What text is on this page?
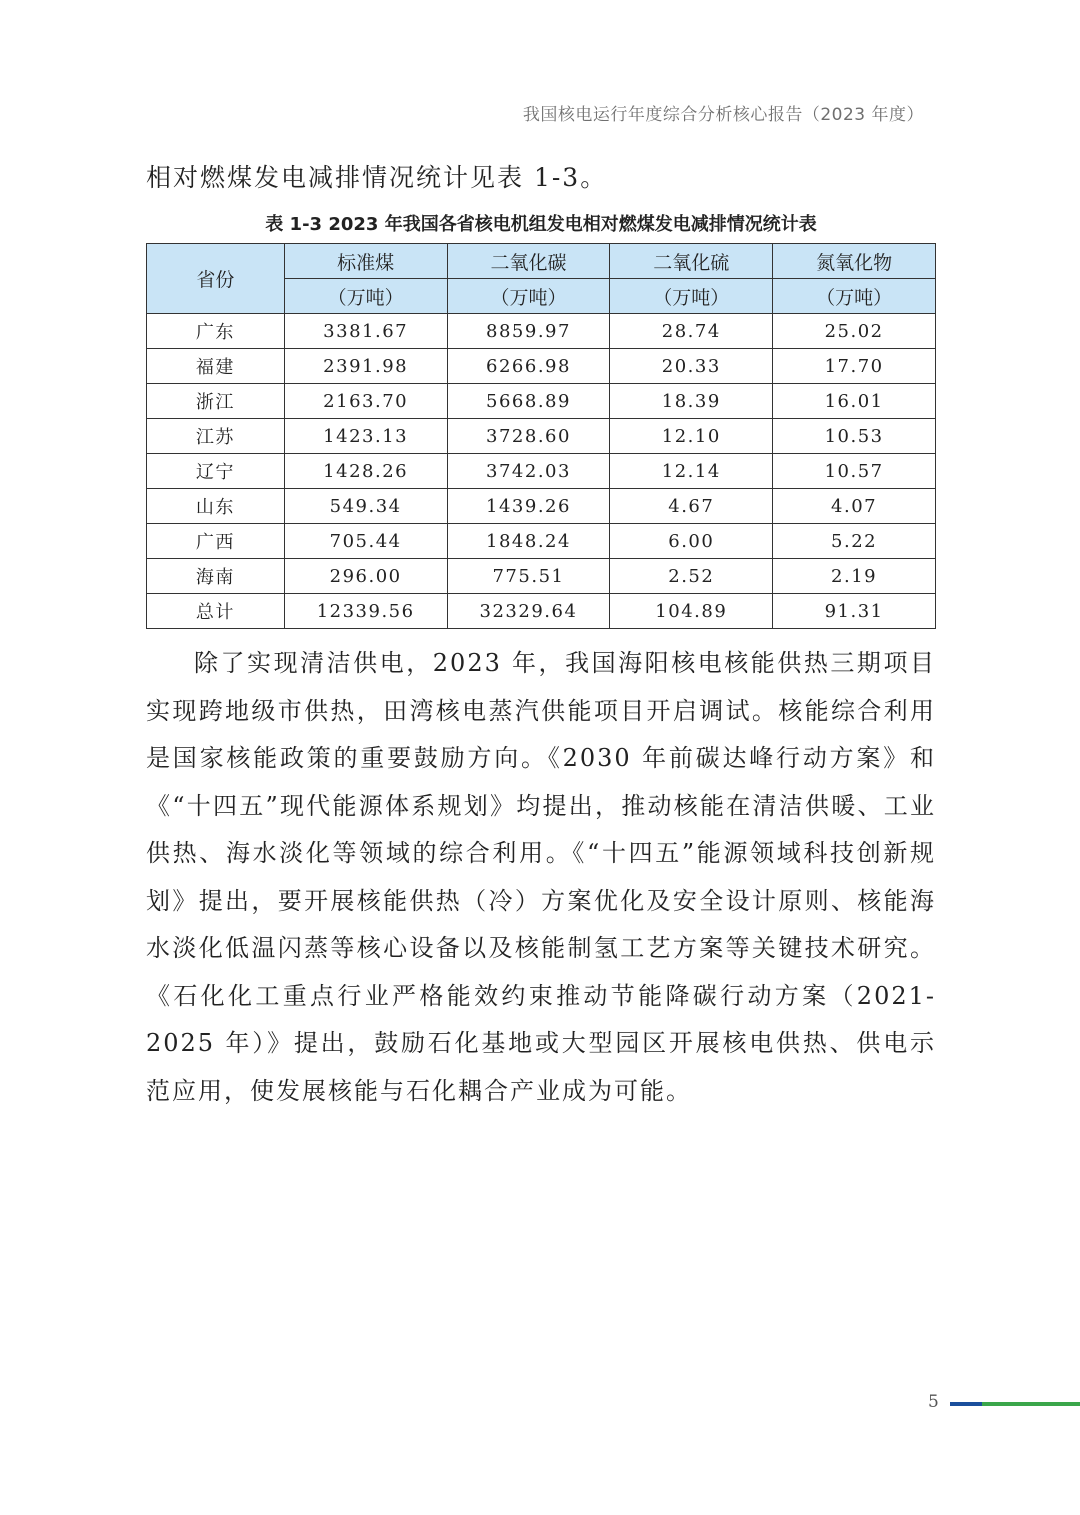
我国核电运行年度综合分析核心报告（2023 年度）
相对燃煤发电减排情况统计见表 1-3。
表 1-3 2023 年我国各省核电机组发电相对燃煤发电减排情况统计表
省份	标准煤	二氧化碳	二氧化硫	氮氧化物
	（万吨）	（万吨）	（万吨）	（万吨）
广东	3381.67	8859.97	28.74	25.02
福建	2391.98	6266.98	20.33	17.70
浙江	2163.70	5668.89	18.39	16.01
江苏	1423.13	3728.60	12.10	10.53
辽宁	1428.26	3742.03	12.14	10.57
山东	549.34	1439.26	4.67	4.07
广西	705.44	1848.24	6.00	5.22
海南	296.00	775.51	2.52	2.19
总计	12339.56	32329.64	104.89	91.31
除了实现清洁供电，2023 年，我国海阳核电核能供热三期项目实现跨地级市供热，田湾核电蒸汽供能项目开启调试。核能综合利用是国家核能政策的重要鼓励方向。《2030 年前碳达峰行动方案》和《“十四五”现代能源体系规划》均提出，推动核能在清洁供暖、工业供热、海水淡化等领域的综合利用。《“十四五”能源领域科技创新规划》提出，要开展核能供热（冷）方案优化及安全设计原则、核能海水淡化低温闪蒸等核心设备以及核能制氢工艺方案等关键技术研究。《石化化工重点行业严格能效约束推动节能降碳行动方案（2021-2025 年）》提出，鼓励石化基地或大型园区开展核电供热、供电示范应用，使发展核能与石化耦合产业成为可能。
5
